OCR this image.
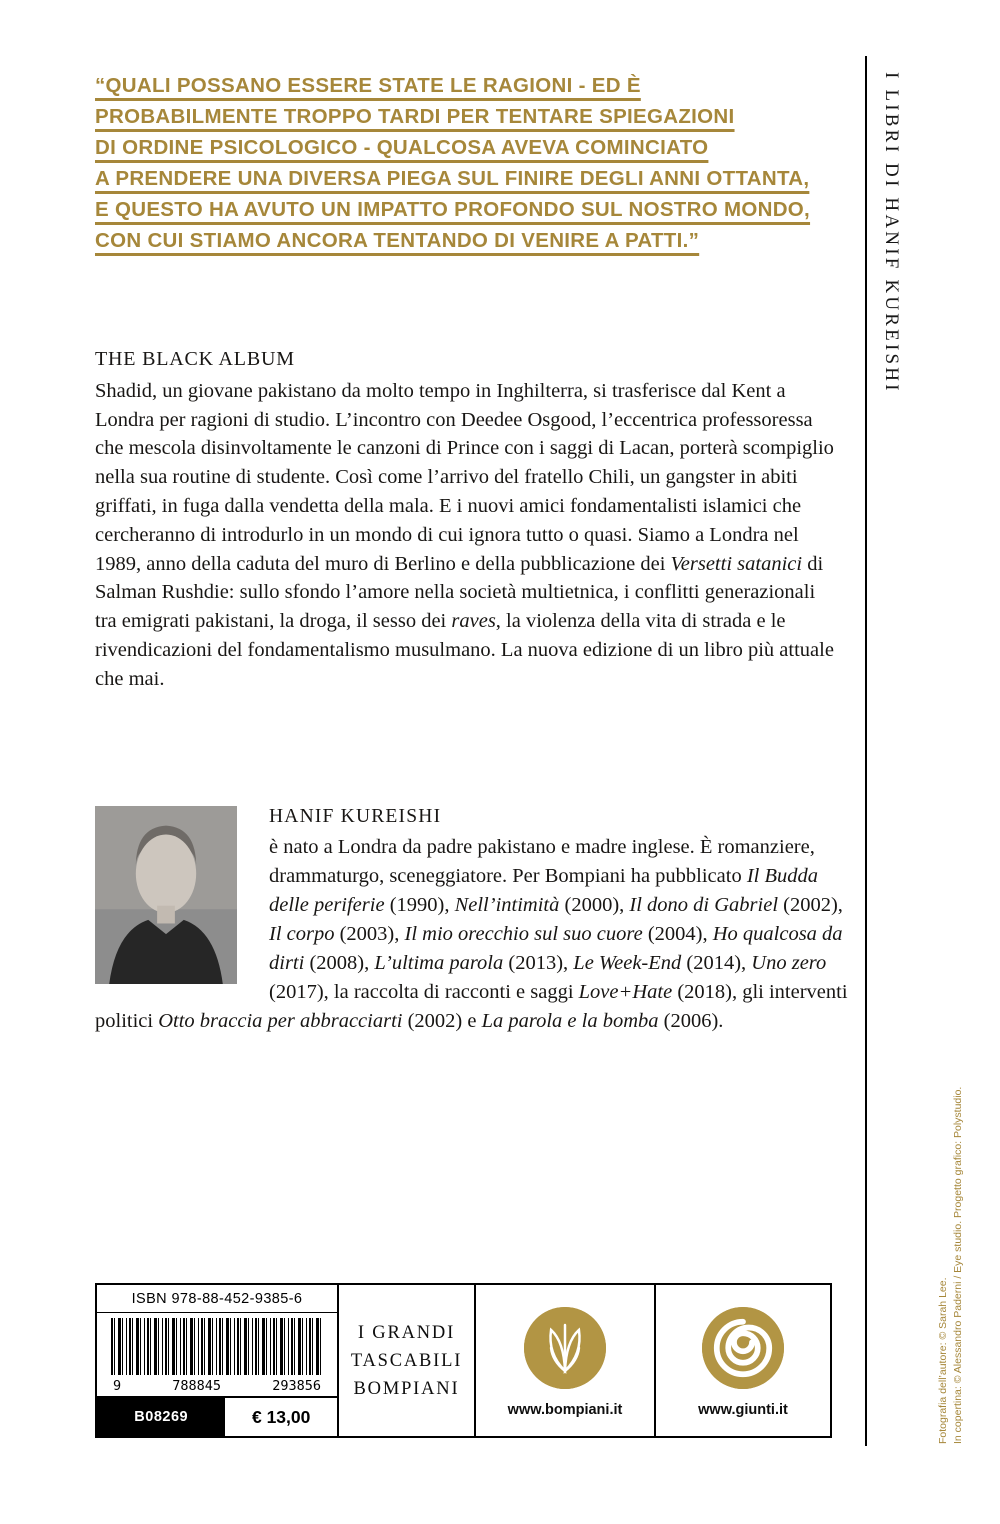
“QUALI POSSANO ESSERE STATE LE RAGIONI - ED È
PROBABILMENTE TROPPO TARDI PER TENTARE SPIEGAZIONI
DI ORDINE PSICOLOGICO - QUALCOSA AVEVA COMINCIATO
A PRENDERE UNA DIVERSA PIEGA SUL FINIRE DEGLI ANNI OTTANTA,
E QUESTO HA AVUTO UN IMPATTO PROFONDO SUL NOSTRO MONDO,
CON CUI STIAMO ANCORA TENTANDO DI VENIRE A PATTI.”	I LIBRI DI HANIF KUREISHI
Fotografia dell’autore: © Sarah Lee. In copertina: © Alessandro Paderni / Eye studio. Progetto grafico: Polystudio.
THE BLACK ALBUM
Shadid, un giovane pakistano da molto tempo in Inghilterra, si trasferisce dal Kent a Londra per ragioni di studio. L’incontro con Deedee Osgood, l’eccentrica professoressa che mescola disinvoltamente le canzoni di Prince con i saggi di Lacan, porterà scompiglio nella sua routine di studente. Così come l’arrivo del fratello Chili, un gangster in abiti griffati, in fuga dalla vendetta della mala. E i nuovi amici fondamentalisti islamici che cercheranno di introdurlo in un mondo di cui ignora tutto o quasi. Siamo a Londra nel 1989, anno della caduta del muro di Berlino e della pubblicazione dei Versetti satanici di Salman Rushdie: sullo sfondo l’amore nella società multietnica, i conflitti generazionali tra emigrati pakistani, la droga, il sesso dei raves, la violenza della vita di strada e le rivendicazioni del fondamentalismo musulmano. La nuova edizione di un libro più attuale che mai.
HANIF KUREISHI
è nato a Londra da padre pakistano e madre inglese. È romanziere, drammaturgo, sceneggiatore. Per Bompiani ha pubblicato Il Budda delle periferie (1990), Nell’intimità (2000), Il dono di Gabriel (2002), Il corpo (2003), Il mio orecchio sul suo cuore (2004), Ho qualcosa da dirti (2008), L’ultima parola (2013), Le Week-End (2014), Uno zero (2017), la raccolta di racconti e saggi Love+Hate (2018), gli interventi politici Otto braccia per abbracciarti (2002) e La parola e la bomba (2006).
ISBN 978-88-452-9385-6
9	788845	293856
B08269	€ 13,00
I GRANDI
TASCABILI
BOMPIANI
www.bompiani.it	www.giunti.it
